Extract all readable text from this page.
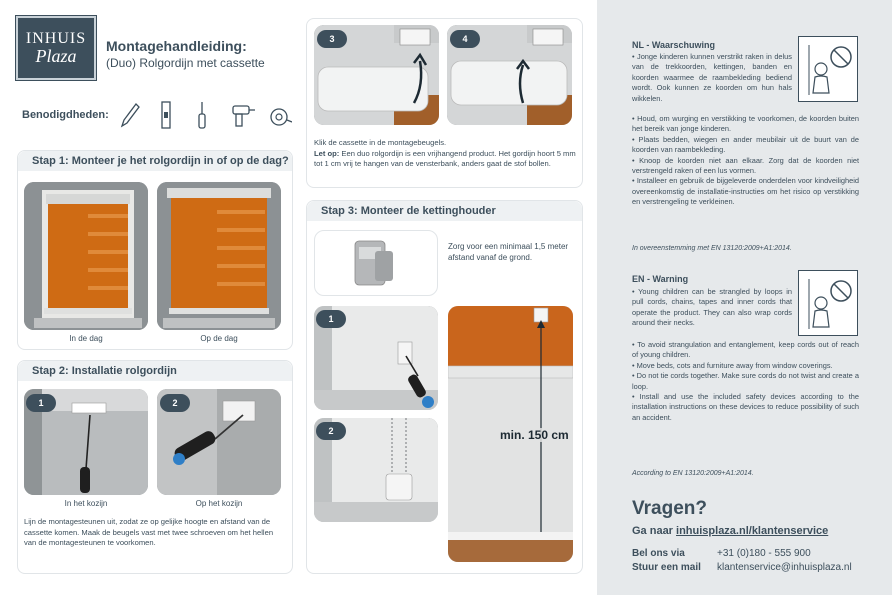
INHUIS
Plaza Montagehandleiding:
(Duo) Rolgordijn met cassette
Benodigdheden:
Stap 1: Monteer je het rolgordijn in of op de dag?
In de dag	Op de dag
Stap 2: Installatie rolgordijn
1	2
In het kozijn	Op het kozijn
Lijn de montagesteunen uit, zodat ze op gelijke hoogte en afstand van de cassette komen. Maak de beugels vast met twee schroeven om het hellen van de montagesteunen te voorkomen.
3	4
Klik de cassette in de montagebeugels.
Let op: Een duo rolgordijn is een vrijhangend product. Het gordijn hoort 5 mm tot 1 cm vrij te hangen van de vensterbank, anders gaat de stof bollen.
Stap 3: Monteer de kettinghouder
Zorg voor een minimaal 1,5 meter afstand vanaf de grond.
1
2	min. 150 cm
NL - Waarschuwing
• Jonge kinderen kunnen verstrikt raken in delus van de trekkoorden, kettingen, banden en koorden waarmee de raambekleding bediend wordt. Ook kunnen ze koorden om hun hals wikkelen.
• Houd, om wurging en verstikking te voorkomen, de koorden buiten het bereik van jonge kinderen.
• Plaats bedden, wiegen en ander meubilair uit de buurt van de koorden van raambekleding.
• Knoop de koorden niet aan elkaar. Zorg dat de koorden niet verstrengeld raken of een lus vormen.
• Installeer en gebruik de bijgeleverde onderdelen voor kindveiligheid overeenkomstig de installatie-instructies om het risico op verstikking en verstrengeling te verkleinen.
In overeenstemming met EN 13120:2009+A1:2014.
EN - Warning
• Young children can be strangled by loops in pull cords, chains, tapes and inner cords that operate the product. They can also wrap cords around their necks.
• To avoid strangulation and entanglement, keep cords out of reach of young children.
• Move beds, cots and furniture away from window coverings.
• Do not tie cords together. Make sure cords do not twist and create a loop.
• Install and use the included safety devices according to the installation instructions on these devices to reduce possibility of such an accident.
According to EN 13120:2009+A1:2014.
Vragen?
Ga naar inhuisplaza.nl/klantenservice
Bel ons via	+31 (0)180 - 555 900
Stuur een mail klantenservice@inhuisplaza.nl
